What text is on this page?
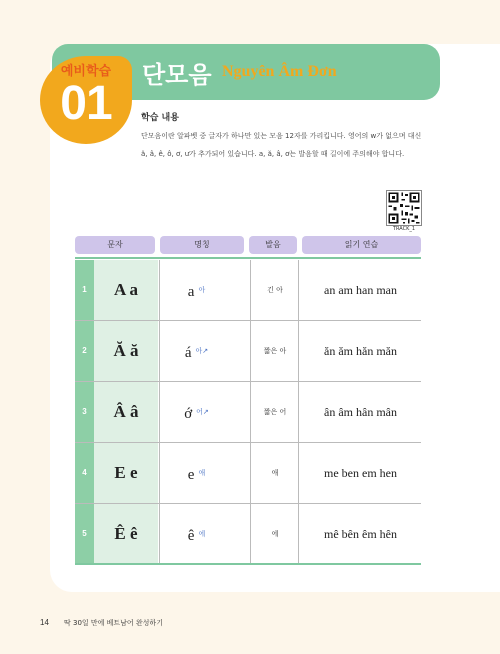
예비학습
01
단모음 Nguyên Âm Đơn
학습 내용
단모음이란 알파벳 중 글자가 하나만 있는 모음 12자를 가리킵니다. 영어의 w가 없으며 대신 ă, â, ê, ô, ơ, ư가 추가되어 있습니다. a, ă, â, ơ는 발음할 때 길이에 주의해야 합니다.
TRACK_1
문자	명칭	발음	읽기 연습
1	A a	a $^아$	긴 아	an am han man
2	Ă ă	á $^{아↗}$	짧은 아	ăn ăm hăn măn
3	Â â	ớ $^{어↗}$	짧은 어	ân âm hân mân
4	E e	e $^애$	애	me ben em hen
5	Ê ê	ê $^에$	에	mê bên êm hên
14 딱 30일 만에 베트남어 완성하기
